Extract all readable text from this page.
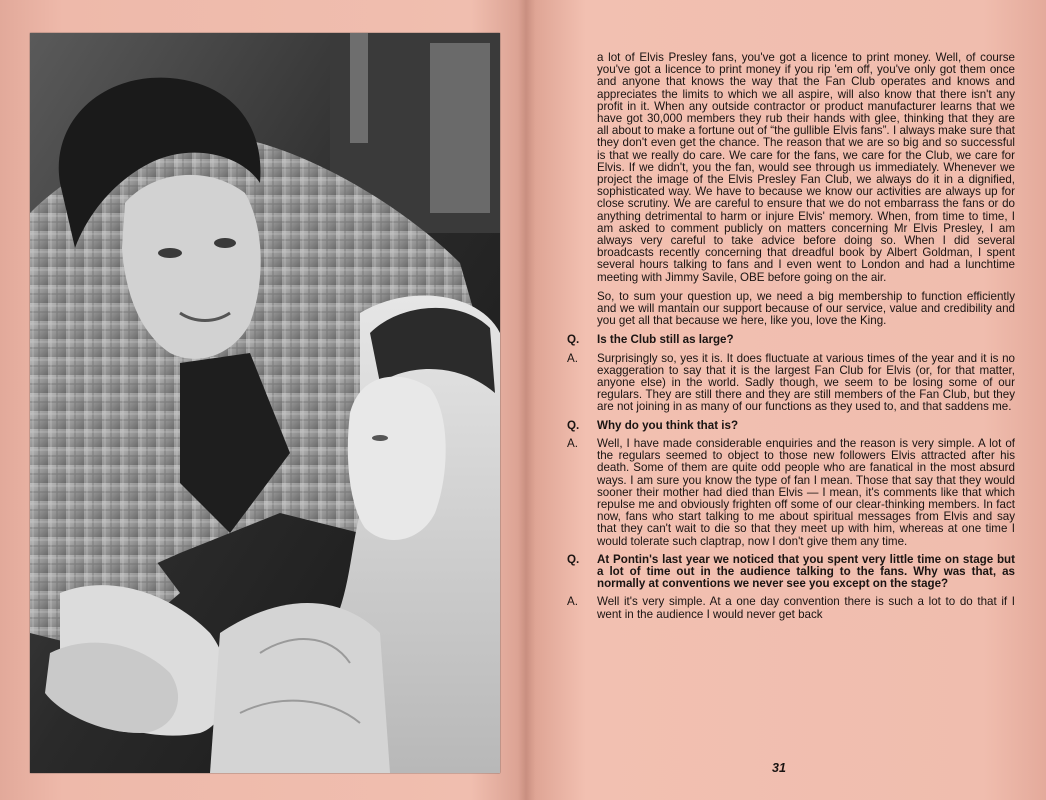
a lot of Elvis Presley fans, you've got a licence to print money. Well, of course you've got a licence to print money if you rip 'em off, you've only got them once and anyone that knows the way that the Fan Club operates and knows and appreciates the limits to which we all aspire, will also know that there isn't any profit in it. When any outside contractor or product manufacturer learns that we have got 30,000 members they rub their hands with glee, thinking that they are all about to make a fortune out of “the gullible Elvis fans”. I always make sure that they don't even get the chance. The reason that we are so big and so successful is that we really do care. We care for the fans, we care for the Club, we care for Elvis. If we didn't, you the fan, would see through us immediately. Whenever we project the image of the Elvis Presley Fan Club, we always do it in a dignified, sophisticated way. We have to because we know our activities are always up for close scrutiny. We are careful to ensure that we do not embarrass the fans or do anything detrimental to harm or injure Elvis' memory. When, from time to time, I am asked to comment publicly on matters concerning Mr Elvis Presley, I am always very careful to take advice before doing so. When I did several broadcasts recently concerning that dreadful book by Albert Goldman, I spent several hours talking to fans and I even went to London and had a lunchtime meeting with Jimmy Savile, OBE before going on the air.

So, to sum your question up, we need a big membership to function efficiently and we will mantain our support because of our service, value and credibility and you get all that because we here, like you, love the King.

Q.	Is the Club still as large?
A.	Surprisingly so, yes it is. It does fluctuate at various times of the year and it is no exaggeration to say that it is the largest Fan Club for Elvis (or, for that matter, anyone else) in the world. Sadly though, we seem to be losing some of our regulars. They are still there and they are still members of the Fan Club, but they are not joining in as many of our functions as they used to, and that saddens me.
Q.	Why do you think that is?
A.	Well, I have made considerable enquiries and the reason is very simple. A lot of the regulars seemed to object to those new followers Elvis attracted after his death. Some of them are quite odd people who are fanatical in the most absurd ways. I am sure you know the type of fan I mean. Those that say that they would sooner their mother had died than Elvis — I mean, it's comments like that which repulse me and obviously frighten off some of our clear-thinking members. In fact now, fans who start talking to me about spiritual messages from Elvis and say that they can't wait to die so that they meet up with him, whereas at one time I would tolerate such claptrap, now I don't give them any time.
Q.	At Pontin's last year we noticed that you spent very little time on stage but a lot of time out in the audience talking to the fans. Why was that, as normally at conventions we never see you except on the stage?
A.	Well it's very simple. At a one day convention there is such a lot to do that if I went in the audience I would never get back
31
